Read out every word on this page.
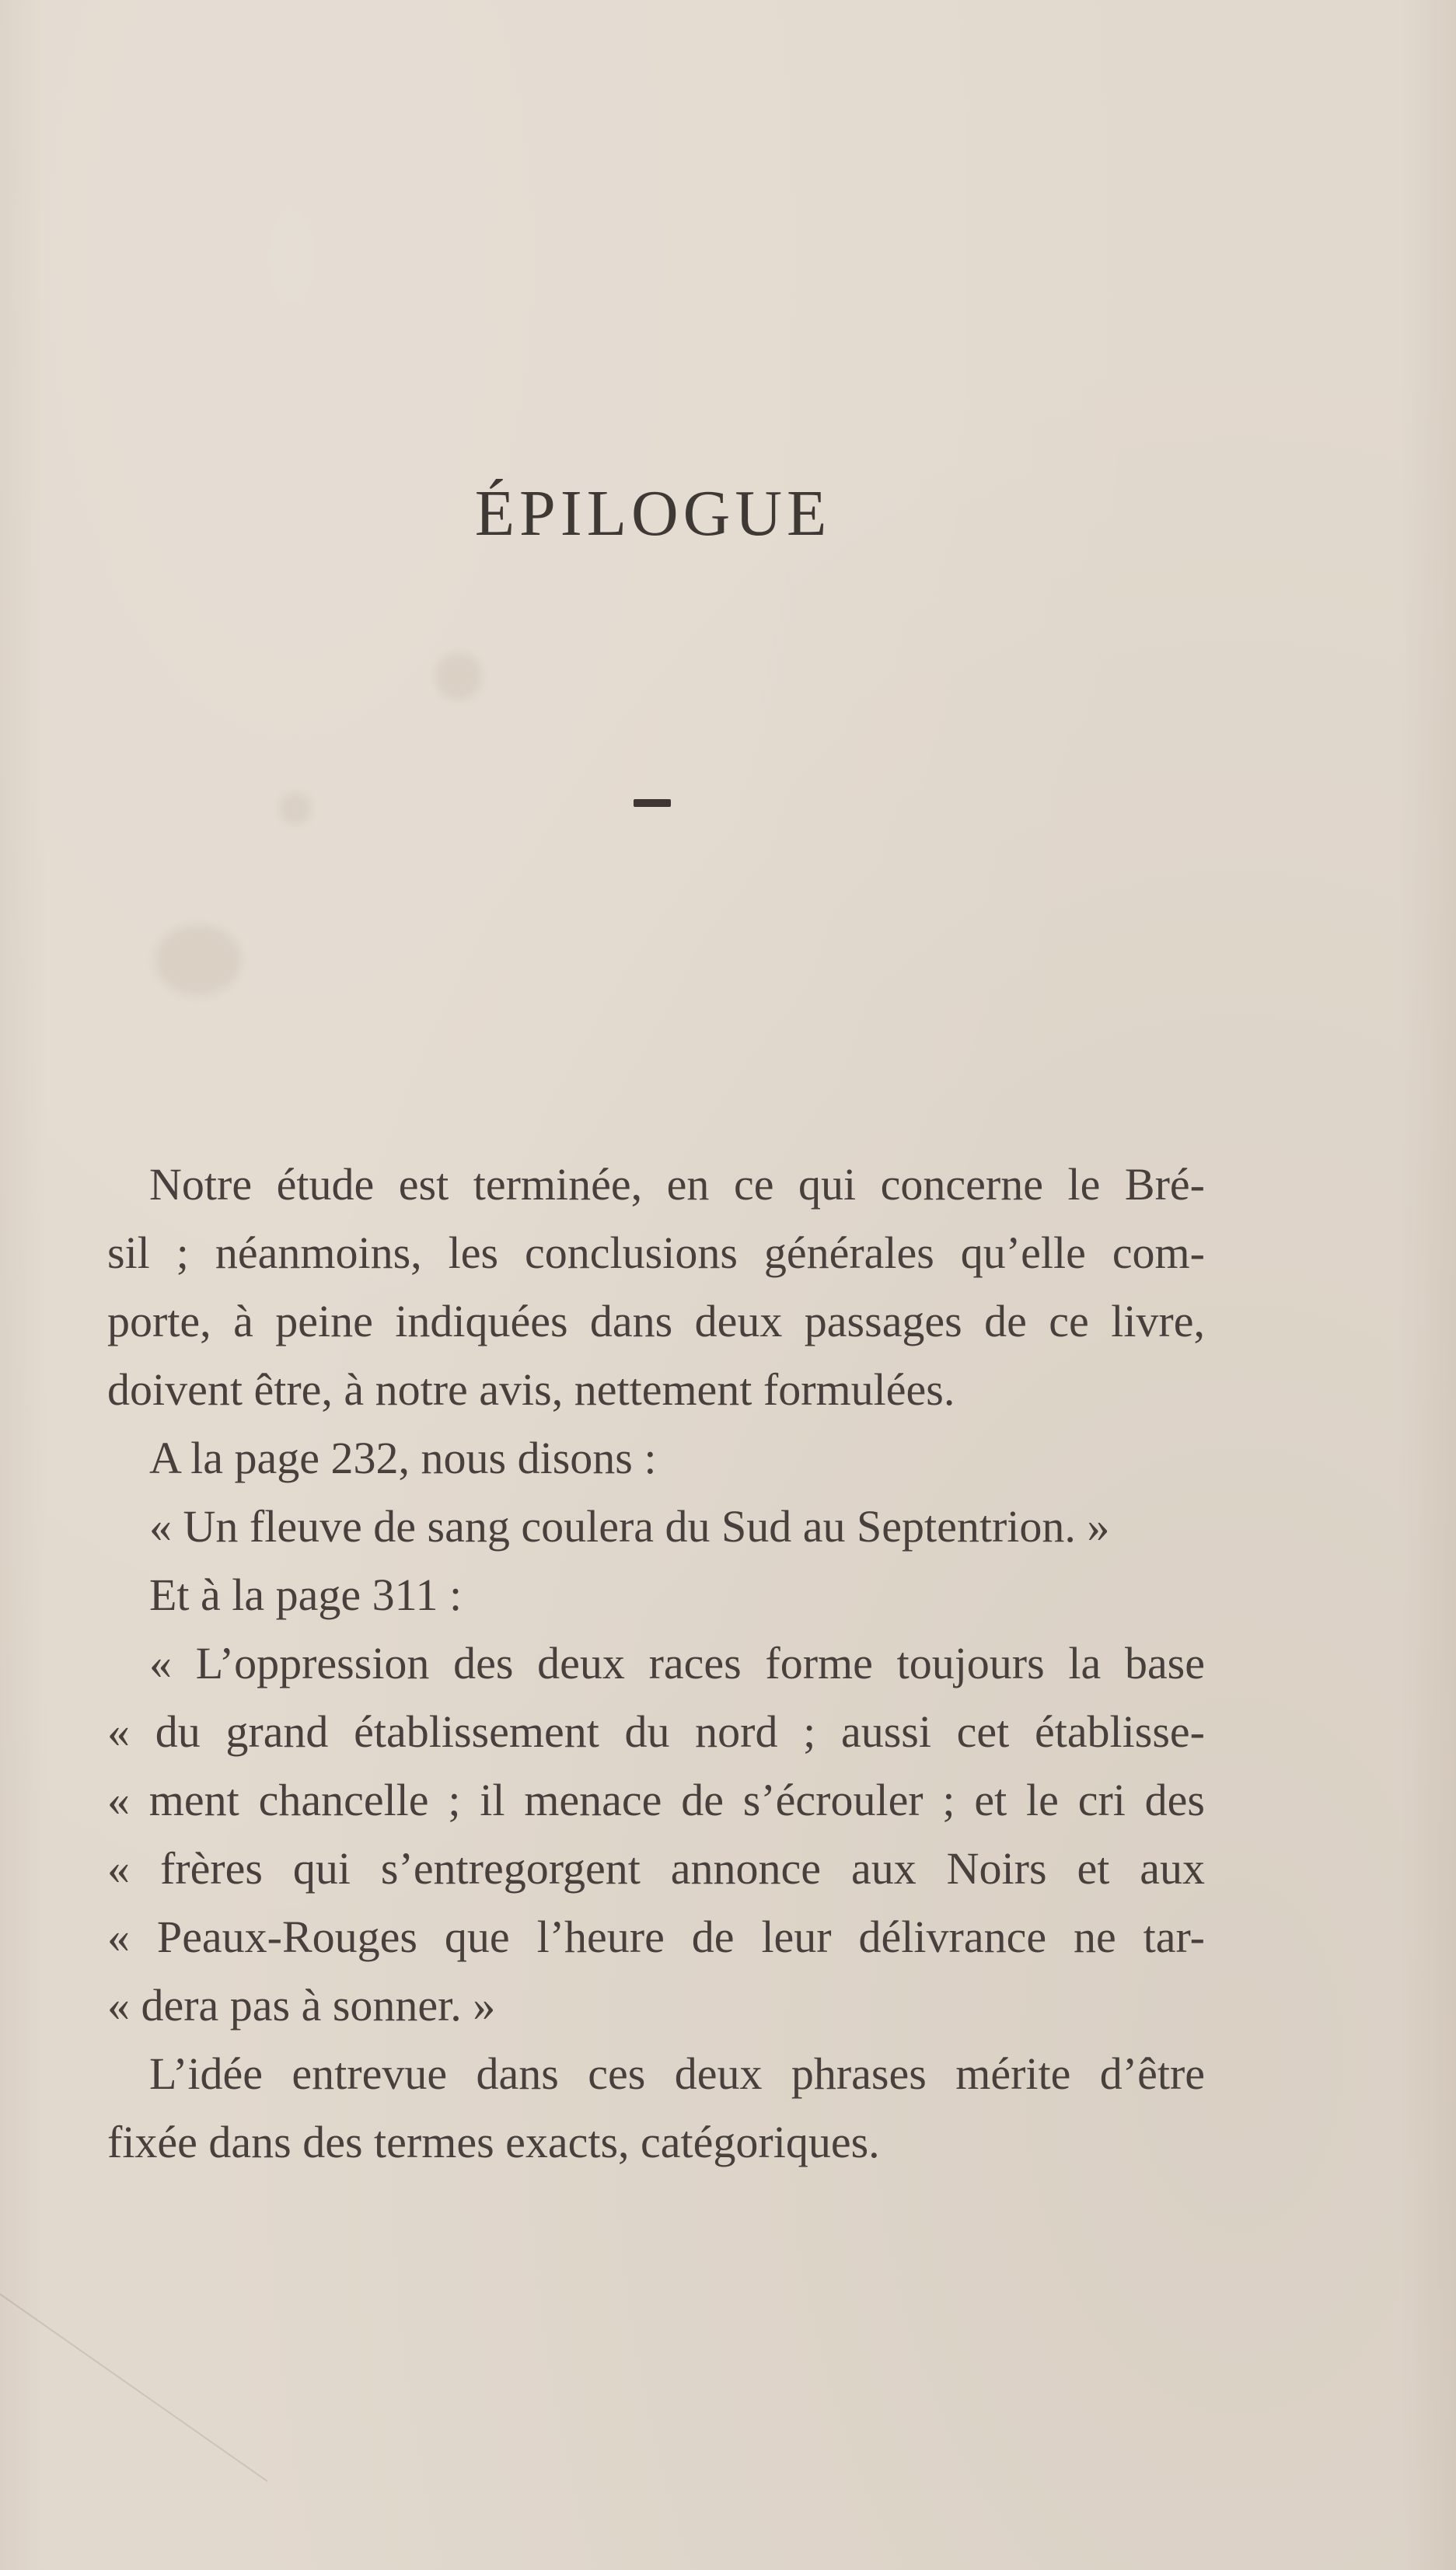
ÉPILOGUE

Notre étude est terminée, en ce qui concerne le Bré-
sil ; néanmoins, les conclusions générales qu’elle com-
porte, à peine indiquées dans deux passages de ce livre,
doivent être, à notre avis, nettement formulées.

A la page 232, nous disons :

« Un fleuve de sang coulera du Sud au Septentrion. »

Et à la page 311 :

« L’oppression des deux races forme toujours la base
« du grand établissement du nord ; aussi cet établisse-
« ment chancelle ; il menace de s’écrouler ; et le cri des
« frères qui s’entregorgent annonce aux Noirs et aux
« Peaux-Rouges que l’heure de leur délivrance ne tar-
« dera pas à sonner. »

L’idée entrevue dans ces deux phrases mérite d’être
fixée dans des termes exacts, catégoriques.
